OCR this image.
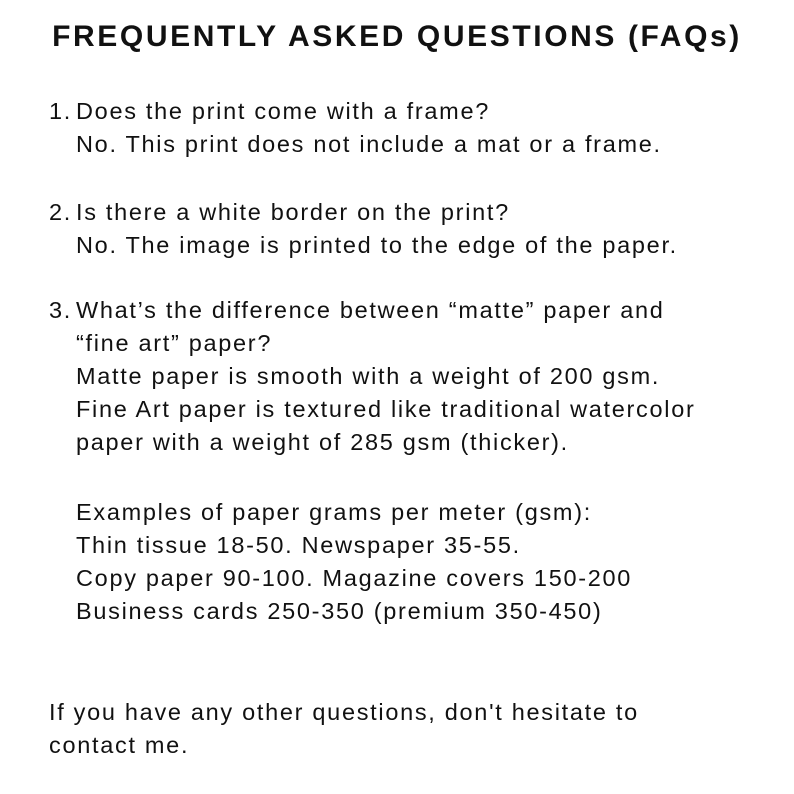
FREQUENTLY ASKED QUESTIONS (FAQs)
1. Does the print come with a frame?
No. This print does not include a mat or a frame.
2. Is there a white border on the print?
No. The image is printed to the edge of the paper.
3. What’s the difference between “matte” paper and
“fine art” paper?
Matte paper is smooth with a weight of 200 gsm.
Fine Art paper is textured like traditional watercolor
paper with a weight of 285 gsm (thicker).
Examples of paper grams per meter (gsm):
Thin tissue 18-50. Newspaper 35-55.
Copy paper 90-100. Magazine covers 150-200
Business cards 250-350 (premium 350-450)
If you have any other questions, don't hesitate to
contact me.
